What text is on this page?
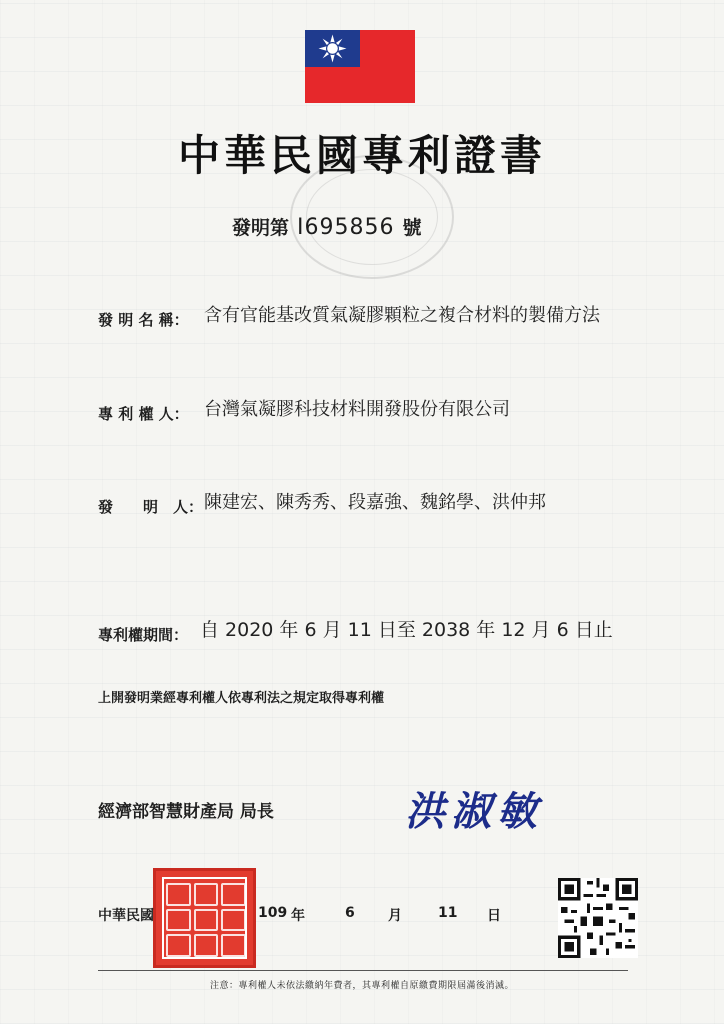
中華民國專利證書
發明第 I695856 號
發 明 名 稱： 含有官能基改質氣凝膠顆粒之複合材料的製備方法
專 利 權 人： 台灣氣凝膠科技材料開發股份有限公司
發　　明　人： 陳建宏、陳秀秀、段嘉強、魏銘學、洪仲邦
專利權期間： 自 2020 年 6 月 11 日至 2038 年 12 月 6 日止
上開發明業經專利權人依專利法之規定取得專利權
經濟部智慧財產局 局長	洪淑敏
中華民國	109 年	6 月	11 日
注意：專利權人未依法繳納年費者，其專利權自原繳費期限屆滿後消滅。
